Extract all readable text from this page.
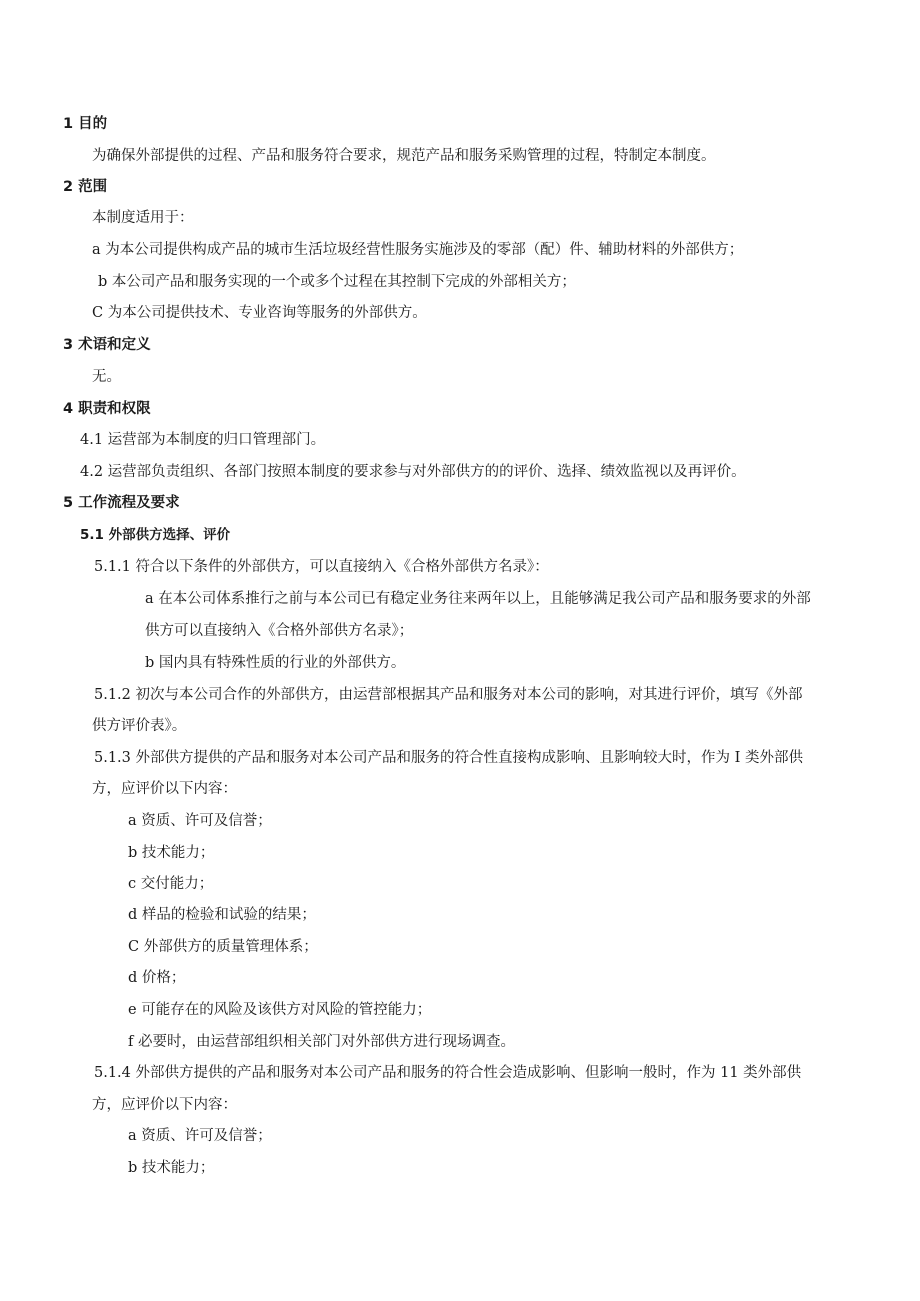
1 目的
为确保外部提供的过程、产品和服务符合要求，规范产品和服务采购管理的过程，特制定本制度。
2 范围
本制度适用于：
a 为本公司提供构成产品的城市生活垃圾经营性服务实施涉及的零部（配）件、辅助材料的外部供方；
b 本公司产品和服务实现的一个或多个过程在其控制下完成的外部相关方；
C 为本公司提供技术、专业咨询等服务的外部供方。
3 术语和定义
无。
4 职责和权限
4.1 运营部为本制度的归口管理部门。
4.2 运营部负责组织、各部门按照本制度的要求参与对外部供方的的评价、选择、绩效监视以及再评价。
5 工作流程及要求
5.1 外部供方选择、评价
5.1.1 符合以下条件的外部供方，可以直接纳入《合格外部供方名录》：
a 在本公司体系推行之前与本公司已有稳定业务往来两年以上，且能够满足我公司产品和服务要求的外部
供方可以直接纳入《合格外部供方名录》；
b 国内具有特殊性质的行业的外部供方。
5.1.2 初次与本公司合作的外部供方，由运营部根据其产品和服务对本公司的影响，对其进行评价，填写《外部
供方评价表》。
5.1.3 外部供方提供的产品和服务对本公司产品和服务的符合性直接构成影响、且影响较大时，作为 I 类外部供
方，应评价以下内容：
a 资质、许可及信誉；
b 技术能力；
c 交付能力；
d 样品的检验和试验的结果；
C 外部供方的质量管理体系；
d 价格；
e 可能存在的风险及该供方对风险的管控能力；
f 必要时，由运营部组织相关部门对外部供方进行现场调查。
5.1.4 外部供方提供的产品和服务对本公司产品和服务的符合性会造成影响、但影响一般时，作为 11 类外部供
方，应评价以下内容：
a 资质、许可及信誉；
b 技术能力；
